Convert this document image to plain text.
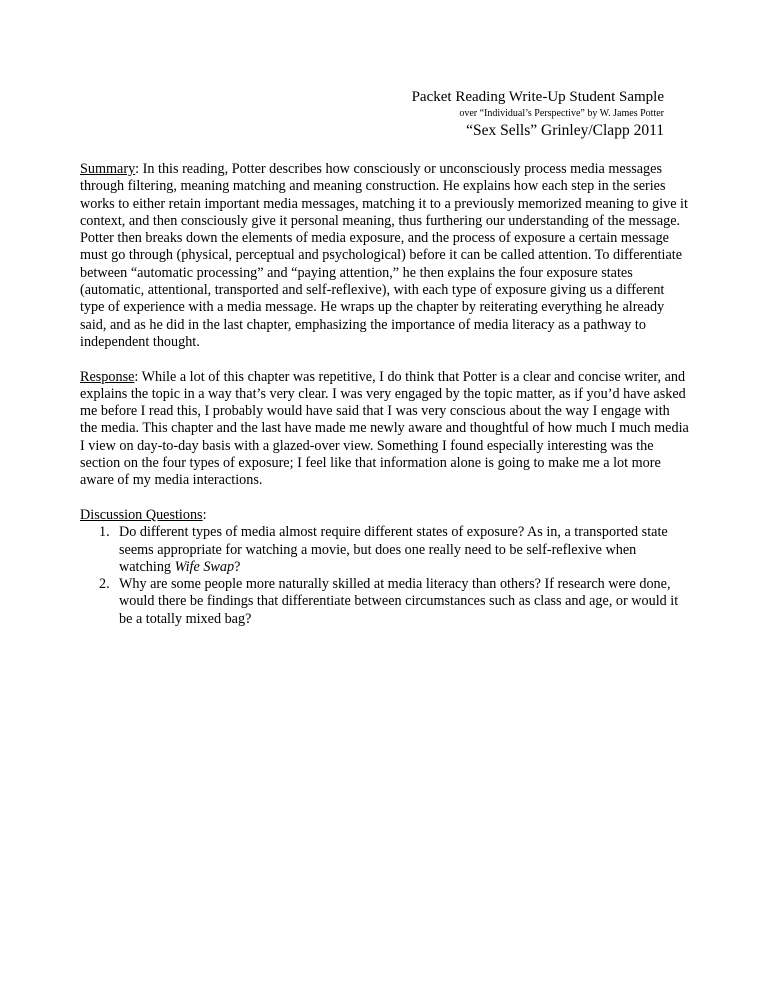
Packet Reading Write-Up Student Sample
over “Individual’s Perspective” by W. James Potter
“Sex Sells” Grinley/Clapp 2011

Summary: In this reading, Potter describes how consciously or unconsciously process media messages through filtering, meaning matching and meaning construction. He explains how each step in the series works to either retain important media messages, matching it to a previously memorized meaning to give it context, and then consciously give it personal meaning, thus furthering our understanding of the message. Potter then breaks down the elements of media exposure, and the process of exposure a certain message must go through (physical, perceptual and psychological) before it can be called attention. To differentiate between “automatic processing” and “paying attention,” he then explains the four exposure states (automatic, attentional, transported and self-reflexive), with each type of exposure giving us a different type of experience with a media message. He wraps up the chapter by reiterating everything he already said, and as he did in the last chapter, emphasizing the importance of media literacy as a pathway to independent thought.

Response: While a lot of this chapter was repetitive, I do think that Potter is a clear and concise writer, and explains the topic in a way that’s very clear. I was very engaged by the topic matter, as if you’d have asked me before I read this, I probably would have said that I was very conscious about the way I engage with the media. This chapter and the last have made me newly aware and thoughtful of how much I much media I view on day-to-day basis with a glazed-over view. Something I found especially interesting was the section on the four types of exposure; I feel like that information alone is going to make me a lot more aware of my media interactions.

Discussion Questions:
1. Do different types of media almost require different states of exposure? As in, a transported state seems appropriate for watching a movie, but does one really need to be self-reflexive when watching Wife Swap?
2. Why are some people more naturally skilled at media literacy than others? If research were done, would there be findings that differentiate between circumstances such as class and age, or would it be a totally mixed bag?
